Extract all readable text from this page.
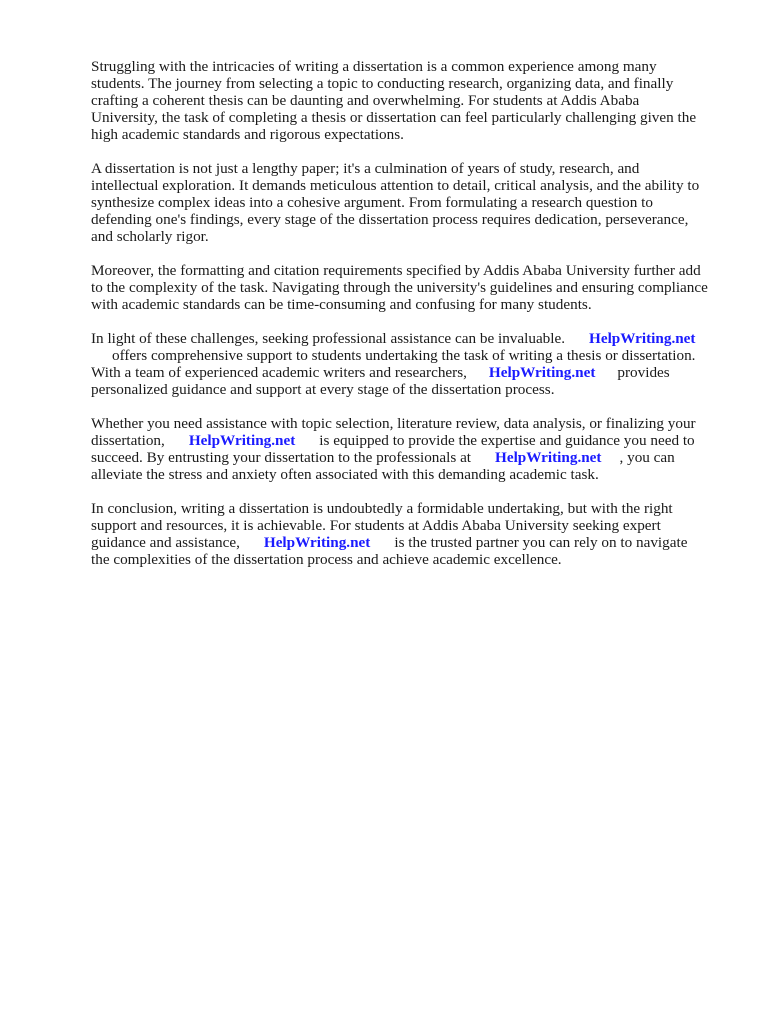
Struggling with the intricacies of writing a dissertation is a common experience among many
students. The journey from selecting a topic to conducting research, organizing data, and finally
crafting a coherent thesis can be daunting and overwhelming. For students at Addis Ababa
University, the task of completing a thesis or dissertation can feel particularly challenging given the
high academic standards and rigorous expectations.

A dissertation is not just a lengthy paper; it's a culmination of years of study, research, and
intellectual exploration. It demands meticulous attention to detail, critical analysis, and the ability to
synthesize complex ideas into a cohesive argument. From formulating a research question to
defending one's findings, every stage of the dissertation process requires dedication, perseverance,
and scholarly rigor.

Moreover, the formatting and citation requirements specified by Addis Ababa University further add
to the complexity of the task. Navigating through the university's guidelines and ensuring compliance
with academic standards can be time-consuming and confusing for many students.

In light of these challenges, seeking professional assistance can be invaluable. HelpWriting.net
offers comprehensive support to students undertaking the task of writing a thesis or dissertation.
With a team of experienced academic writers and researchers, HelpWriting.net provides
personalized guidance and support at every stage of the dissertation process.

Whether you need assistance with topic selection, literature review, data analysis, or finalizing your
dissertation, HelpWriting.net is equipped to provide the expertise and guidance you need to
succeed. By entrusting your dissertation to the professionals at HelpWriting.net , you can
alleviate the stress and anxiety often associated with this demanding academic task.

In conclusion, writing a dissertation is undoubtedly a formidable undertaking, but with the right
support and resources, it is achievable. For students at Addis Ababa University seeking expert
guidance and assistance, HelpWriting.net is the trusted partner you can rely on to navigate
the complexities of the dissertation process and achieve academic excellence.
